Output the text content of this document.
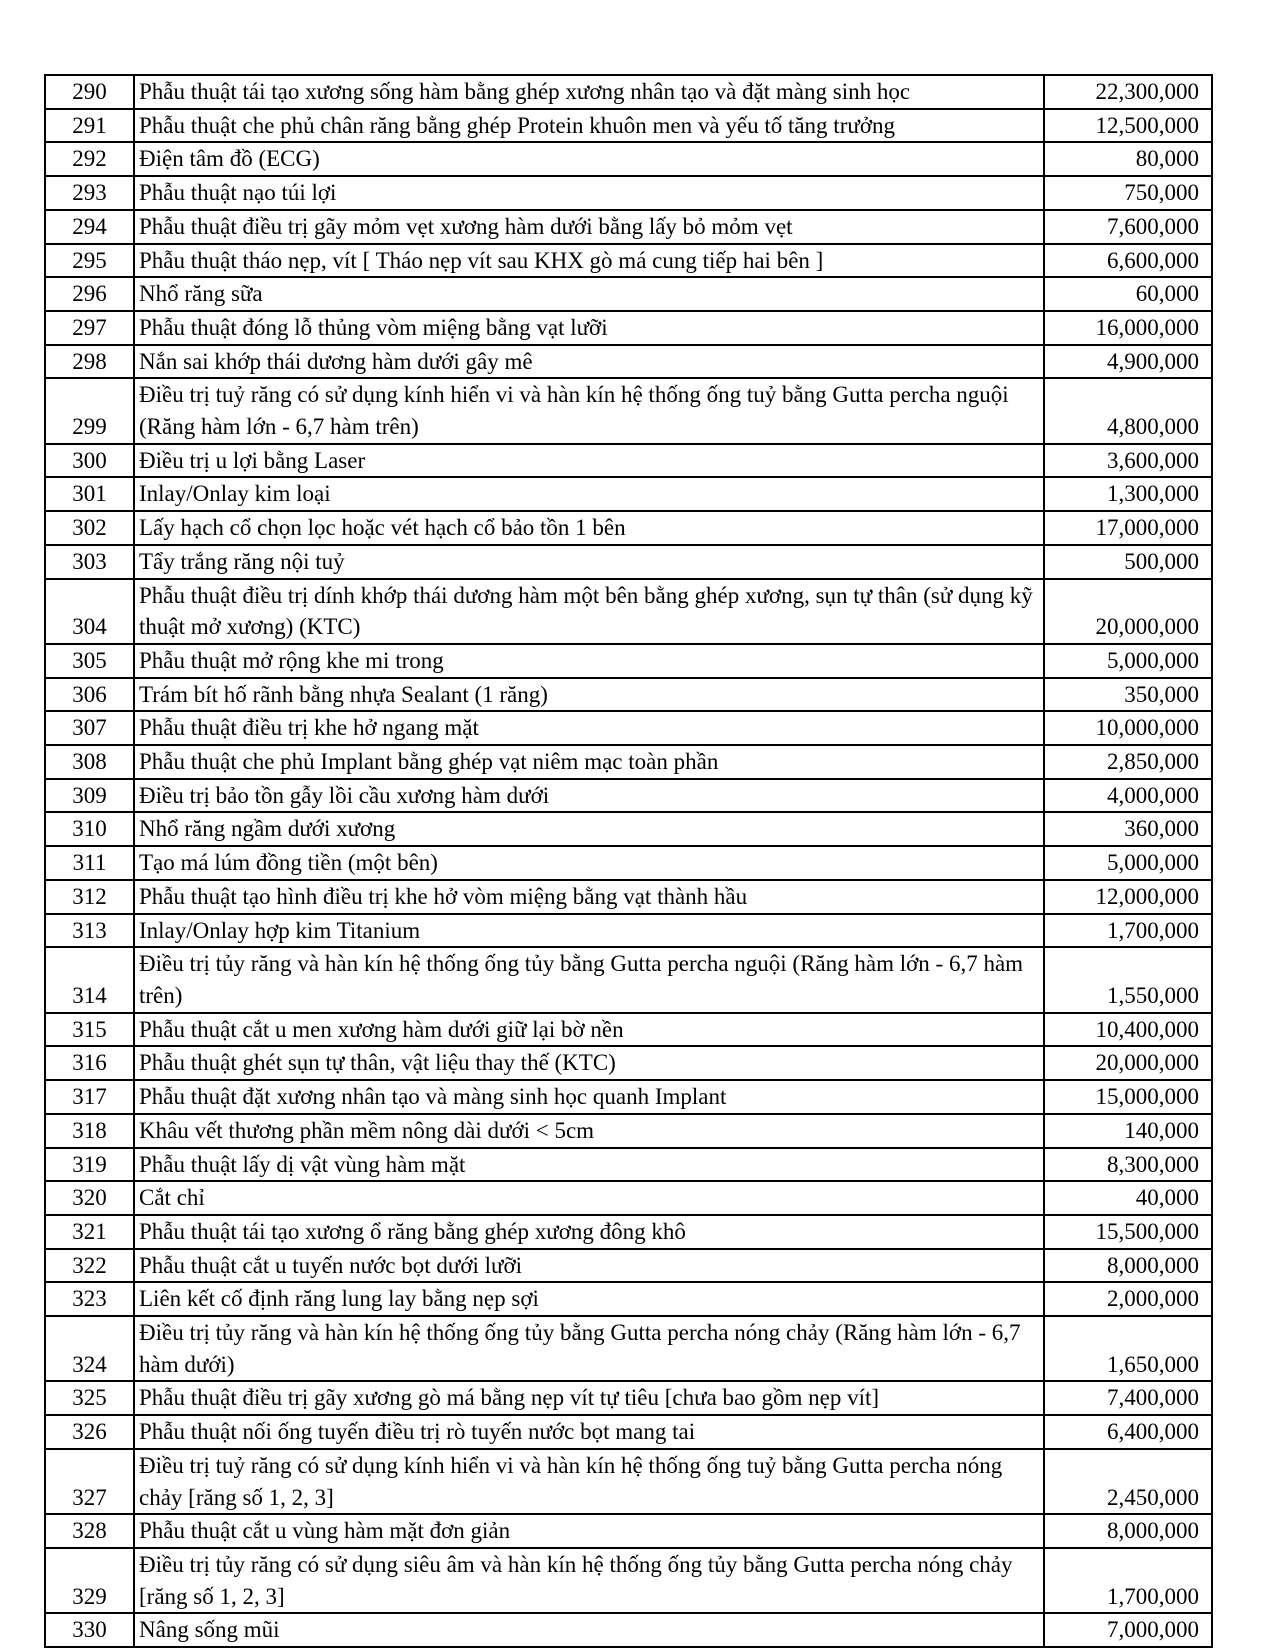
290	Phẫu thuật tái tạo xương sống hàm bằng ghép xương nhân tạo và đặt màng sinh học	22,300,000
291	Phẫu thuật che phủ chân răng bằng ghép Protein khuôn men và yếu tố tăng trưởng	12,500,000
292	Điện tâm đồ (ECG)	80,000
293	Phẫu thuật nạo túi lợi	750,000
294	Phẫu thuật điều trị gãy mỏm vẹt xương hàm dưới bằng lấy bỏ mỏm vẹt	7,600,000
295	Phẫu thuật tháo nẹp, vít [ Tháo nẹp vít sau KHX gò má cung tiếp hai bên ]	6,600,000
296	Nhổ răng sữa	60,000
297	Phẫu thuật đóng lỗ thủng vòm miệng bằng vạt lưỡi	16,000,000
298	Nắn sai khớp thái dương hàm dưới gây mê	4,900,000
299	Điều trị tuỷ răng có sử dụng kính hiển vi và hàn kín hệ thống ống tuỷ bằng Gutta percha nguội (Răng hàm lớn - 6,7 hàm trên)	4,800,000
300	Điều trị u lợi bằng Laser	3,600,000
301	Inlay/Onlay kim loại	1,300,000
302	Lấy hạch cổ chọn lọc hoặc vét hạch cổ bảo tồn 1 bên	17,000,000
303	Tẩy trắng răng nội tuỷ	500,000
304	Phẫu thuật điều trị dính khớp thái dương hàm một bên bằng ghép xương, sụn tự thân (sử dụng kỹ thuật mở xương) (KTC)	20,000,000
305	Phẫu thuật mở rộng khe mi trong	5,000,000
306	Trám bít hố rãnh bằng nhựa Sealant (1 răng)	350,000
307	Phẫu thuật điều trị khe hở ngang mặt	10,000,000
308	Phẫu thuật che phủ Implant bằng ghép vạt niêm mạc toàn phần	2,850,000
309	Điều trị bảo tồn gẫy lồi cầu xương hàm dưới	4,000,000
310	Nhổ răng ngầm dưới xương	360,000
311	Tạo má lúm đồng tiền (một bên)	5,000,000
312	Phẫu thuật tạo hình điều trị khe hở vòm miệng bằng vạt thành hầu	12,000,000
313	Inlay/Onlay hợp kim Titanium	1,700,000
314	Điều trị tủy răng và hàn kín hệ thống ống tủy bằng Gutta percha nguội (Răng hàm lớn - 6,7 hàm trên)	1,550,000
315	Phẫu thuật cắt u men xương hàm dưới giữ lại bờ nền	10,400,000
316	Phẫu thuật ghét sụn tự thân, vật liệu thay thế (KTC)	20,000,000
317	Phẫu thuật đặt xương nhân tạo và màng sinh học quanh Implant	15,000,000
318	Khâu vết thương phần mềm nông dài dưới < 5cm	140,000
319	Phẫu thuật lấy dị vật vùng hàm mặt	8,300,000
320	Cắt chỉ	40,000
321	Phẫu thuật tái tạo xương ổ răng bằng ghép xương đông khô	15,500,000
322	Phẫu thuật cắt u tuyến nước bọt dưới lưỡi	8,000,000
323	Liên kết cố định răng lung lay bằng nẹp sợi	2,000,000
324	Điều trị tủy răng và hàn kín hệ thống ống tủy bằng Gutta percha nóng chảy (Răng hàm lớn - 6,7 hàm dưới)	1,650,000
325	Phẫu thuật điều trị gãy xương gò má bằng nẹp vít tự tiêu [chưa bao gồm nẹp vít]	7,400,000
326	Phẫu thuật nối ống tuyến điều trị rò tuyến nước bọt mang tai	6,400,000
327	Điều trị tuỷ răng có sử dụng kính hiển vi và hàn kín hệ thống ống tuỷ bằng Gutta percha nóng chảy [răng số 1, 2, 3]	2,450,000
328	Phẫu thuật cắt u vùng hàm mặt đơn giản	8,000,000
329	Điều trị tủy răng có sử dụng siêu âm và hàn kín hệ thống ống tủy bằng Gutta percha nóng chảy [răng số 1, 2, 3]	1,700,000
330	Nâng sống mũi	7,000,000
